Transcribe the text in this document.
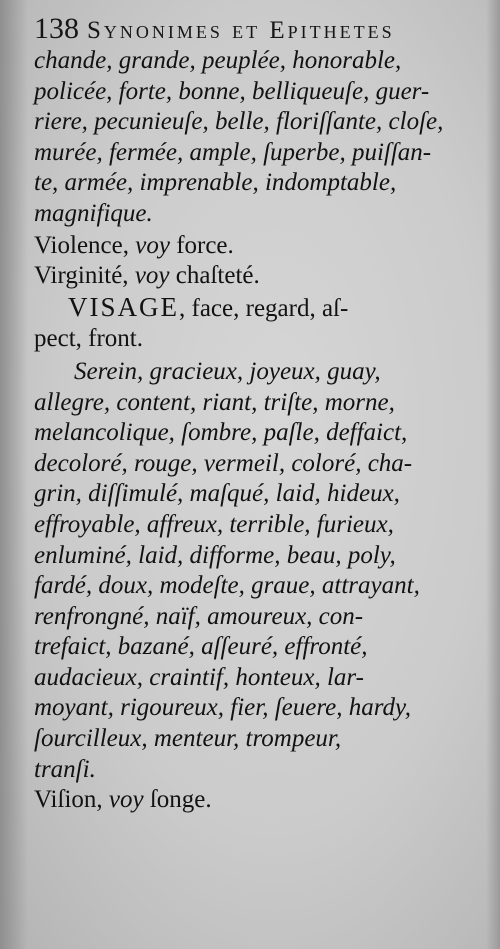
138 Synonimes et Epithetes
chande, grande, peuplée, honorable,
policée, forte, bonne, belliqueuſe, guer-
riere, pecunieuſe, belle, floriſſante, cloſe,
murée, fermée, ample, ſuperbe, puiſſan-
te, armée, imprenable, indomptable,
magnifique.
Violence, voy force.
Virginité, voy chaſteté.
VISAGE, face, regard, aſ-
pect, front.
Serein, gracieux, joyeux, guay,
allegre, content, riant, triſte, morne,
melancolique, ſombre, paſle, deffaict,
decoloré, rouge, vermeil, coloré, cha-
grin, diſſimulé, maſqué, laid, hideux,
effroyable, affreux, terrible, furieux,
enluminé, laid, difforme, beau, poly,
fardé, doux, modeſte, graue, attrayant,
renfrongné, naïf, amoureux, con-
trefaict, bazané, aſſeuré, effronté,
audacieux, craintif, honteux, lar-
moyant, rigoureux, fier, ſeuere, hardy,
ſourcilleux, menteur, trompeur,
tranſi.
Viſion, voy ſonge.
